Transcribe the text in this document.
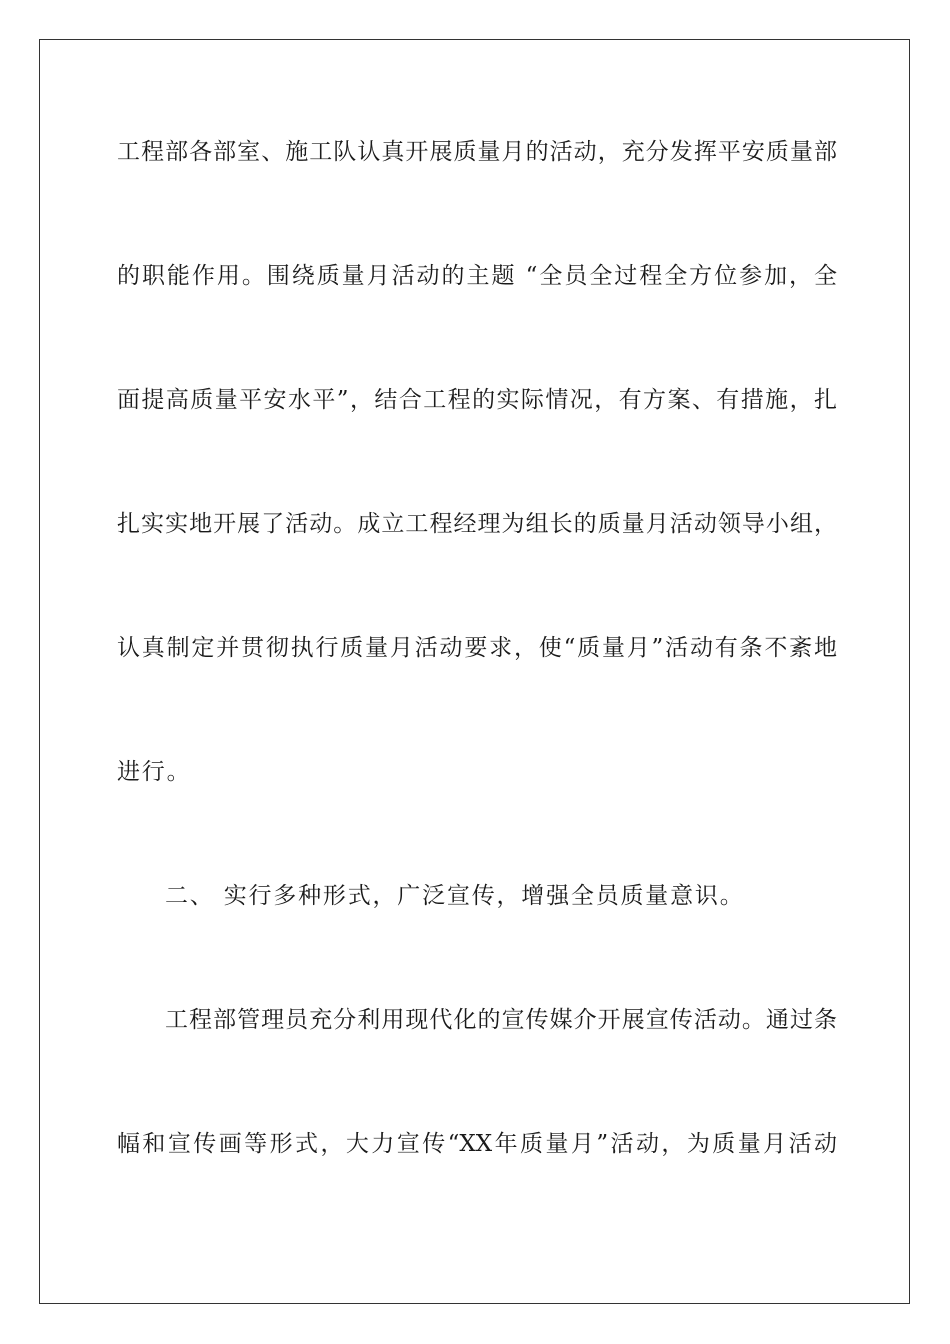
工程部各部室、施工队认真开展质量月的活动，充分发挥平安质量部
的职能作用。围绕质量月活动的主题 “全员全过程全方位参加，全
面提高质量平安水平”，结合工程的实际情况，有方案、有措施，扎
扎实实地开展了活动。成立工程经理为组长的质量月活动领导小组，
认真制定并贯彻执行质量月活动要求，使“质量月”活动有条不紊地
进行。
二、 实行多种形式，广泛宣传，增强全员质量意识。
工程部管理员充分利用现代化的宣传媒介开展宣传活动。通过条
幅和宣传画等形式，大力宣传“XX年质量月”活动，为质量月活动
